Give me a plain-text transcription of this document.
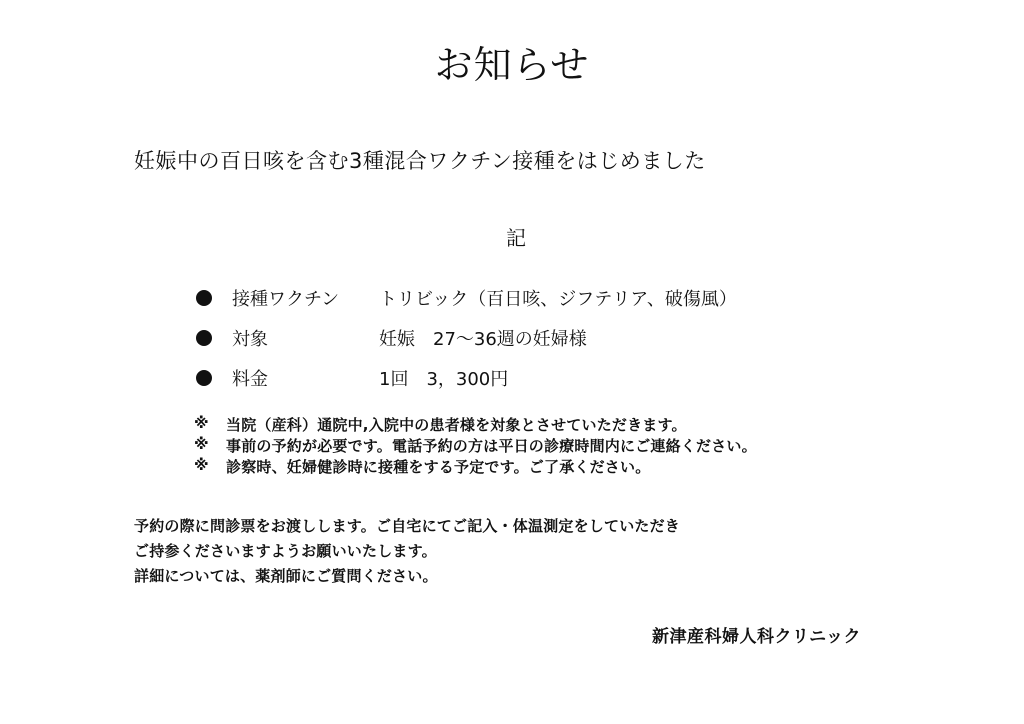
お知らせ
妊娠中の百日咳を含む3種混合ワクチン接種をはじめました
記
接種ワクチン トリビック（百日咳、ジフテリア、破傷風）
対象	妊娠　27〜36週の妊婦様
料金	1回　3，300円
※ 当院（産科）通院中,入院中の患者様を対象とさせていただきます。
※ 事前の予約が必要です。電話予約の方は平日の診療時間内にご連絡ください。
※ 診察時、妊婦健診時に接種をする予定です。ご了承ください。
予約の際に問診票をお渡しします。ご自宅にてご記入・体温測定をしていただき
ご持参くださいますようお願いいたします。
詳細については、薬剤師にご質問ください。
新津産科婦人科クリニック
